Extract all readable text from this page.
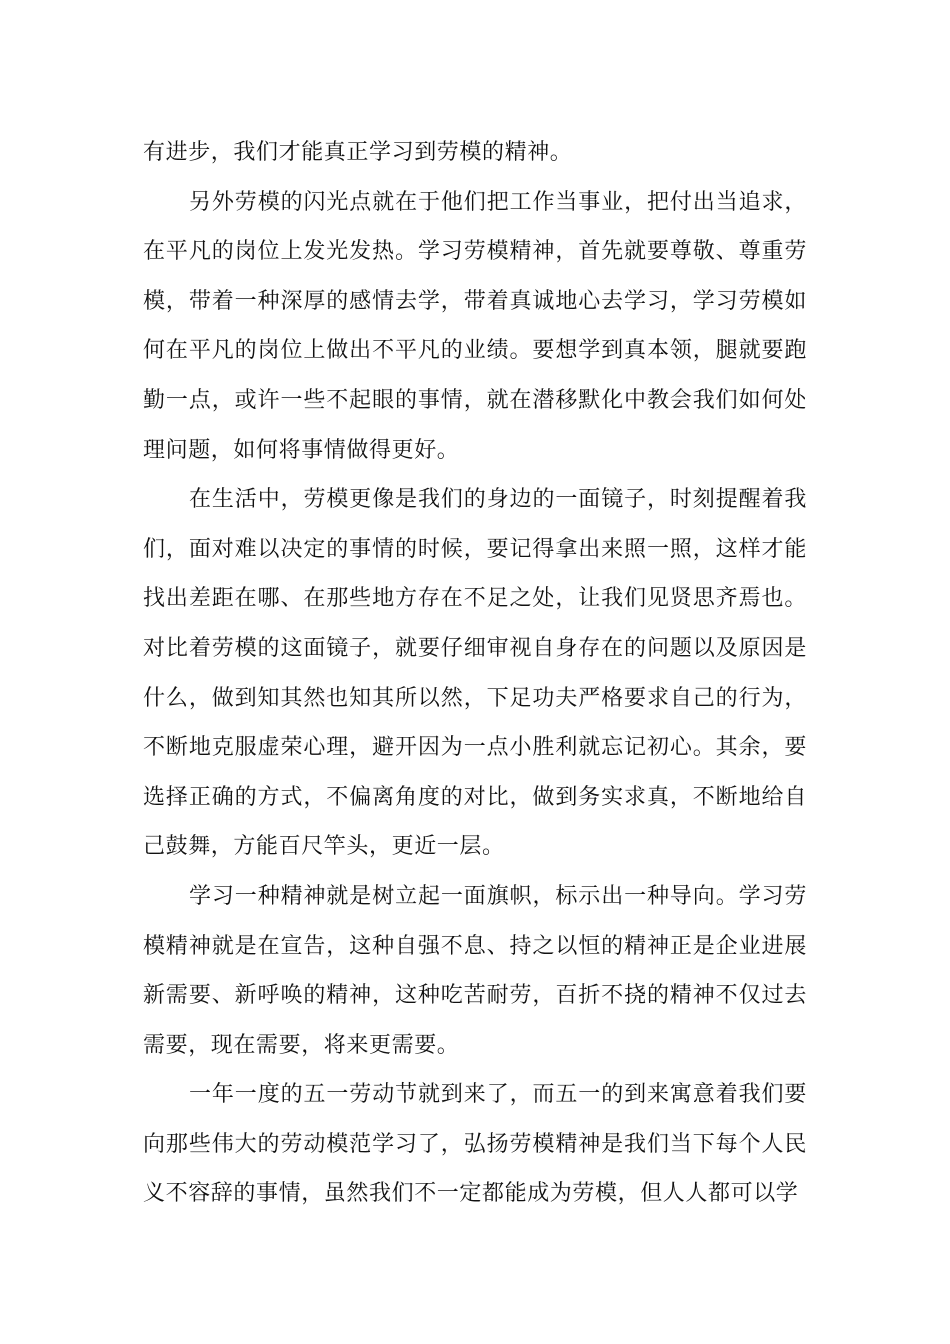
有进步，我们才能真正学习到劳模的精神。

另外劳模的闪光点就在于他们把工作当事业，把付出当追求，在平凡的岗位上发光发热。学习劳模精神，首先就要尊敬、尊重劳模，带着一种深厚的感情去学，带着真诚地心去学习，学习劳模如何在平凡的岗位上做出不平凡的业绩。要想学到真本领，腿就要跑勤一点，或许一些不起眼的事情，就在潜移默化中教会我们如何处理问题，如何将事情做得更好。

在生活中，劳模更像是我们的身边的一面镜子，时刻提醒着我们，面对难以决定的事情的时候，要记得拿出来照一照，这样才能找出差距在哪、在那些地方存在不足之处，让我们见贤思齐焉也。对比着劳模的这面镜子，就要仔细审视自身存在的问题以及原因是什么，做到知其然也知其所以然，下足功夫严格要求自己的行为，不断地克服虚荣心理，避开因为一点小胜利就忘记初心。其余，要选择正确的方式，不偏离角度的对比，做到务实求真，不断地给自己鼓舞，方能百尺竿头，更近一层。

学习一种精神就是树立起一面旗帜，标示出一种导向。学习劳模精神就是在宣告，这种自强不息、持之以恒的精神正是企业进展新需要、新呼唤的精神，这种吃苦耐劳，百折不挠的精神不仅过去需要，现在需要，将来更需要。

一年一度的五一劳动节就到来了，而五一的到来寓意着我们要向那些伟大的劳动模范学习了，弘扬劳模精神是我们当下每个人民义不容辞的事情，虽然我们不一定都能成为劳模，但人人都可以学
